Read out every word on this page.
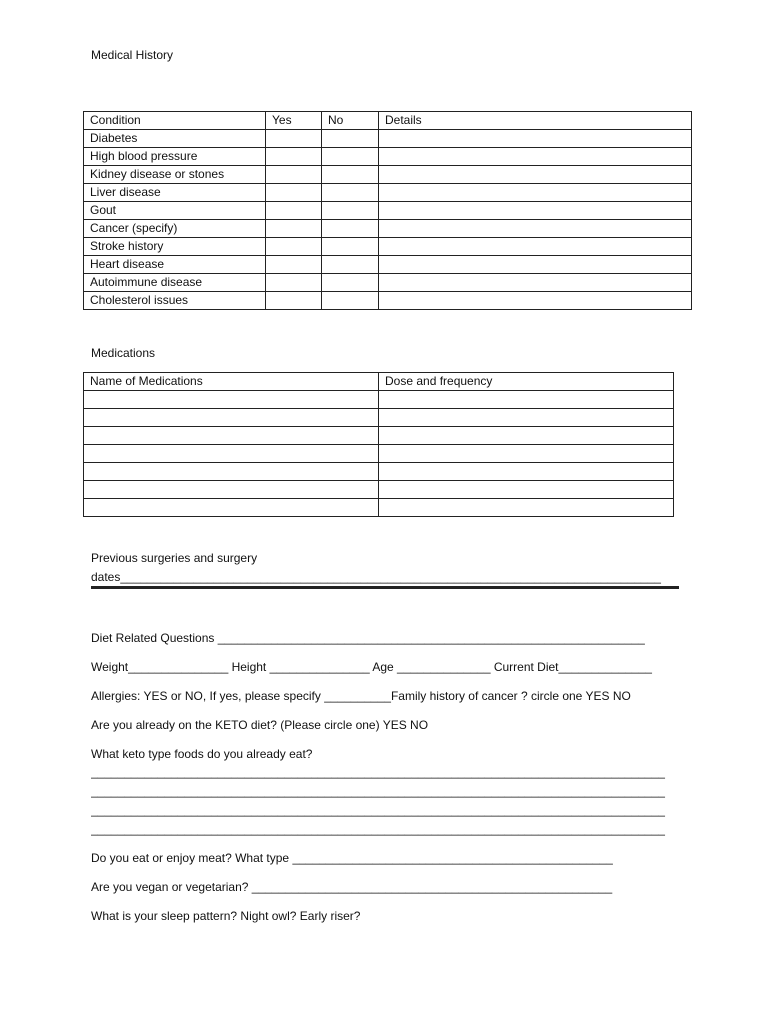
Medical History
Condition	Yes	No	Details
Diabetes			
High blood pressure			
Kidney disease or stones			
Liver disease			
Gout			
Cancer (specify)			
Stroke history			
Heart disease			
Autoimmune disease			
Cholesterol issues			
Medications
Name of Medications	Dose and frequency

Previous surgeries and surgery
dates_________________________________________________________________________________
Diet Related Questions ________________________________________________________________
Weight_______________ Height _______________ Age ______________ Current Diet______________
Allergies: YES or NO, If yes, please specify __________Family history of cancer ? circle one YES NO
Are you already on the KETO diet? (Please circle one) YES NO
What keto type foods do you already eat?
______________________________________________________________________________________
______________________________________________________________________________________
______________________________________________________________________________________
______________________________________________________________________________________
Do you eat or enjoy meat? What type ________________________________________________
Are you vegan or vegetarian? ______________________________________________________
What is your sleep pattern? Night owl? Early riser?
